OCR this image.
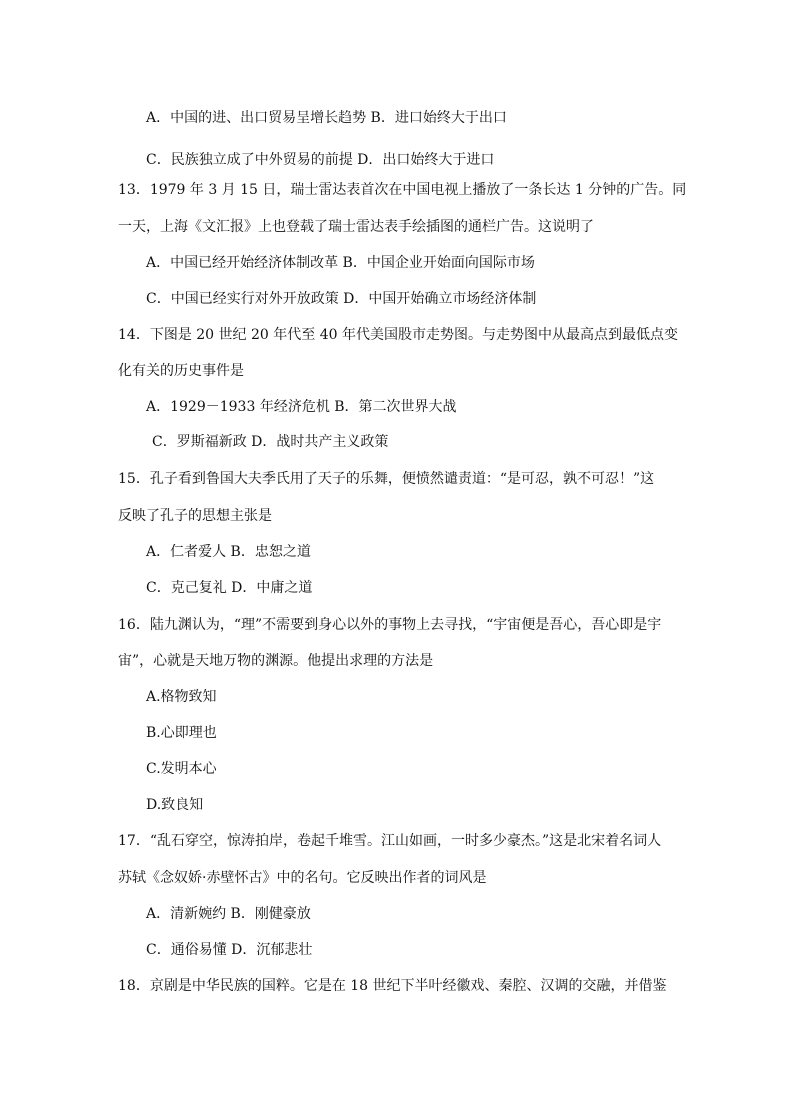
A．中国的进、出口贸易呈增长趋势 B．进口始终大于出口
C．民族独立成了中外贸易的前提 D．出口始终大于进口
13．1979 年 3 月 15 日，瑞士雷达表首次在中国电视上播放了一条长达 1 分钟的广告。同
一天，上海《文汇报》上也登载了瑞士雷达表手绘插图的通栏广告。这说明了
A．中国已经开始经济体制改革 B．中国企业开始面向国际市场
C．中国已经实行对外开放政策 D．中国开始确立市场经济体制
14．下图是 20 世纪 20 年代至 40 年代美国股市走势图。与走势图中从最高点到最低点变
化有关的历史事件是
A．1929－1933 年经济危机 B．第二次世界大战
C．罗斯福新政 D．战时共产主义政策
15．孔子看到鲁国大夫季氏用了天子的乐舞，便愤然谴责道：“是可忍，孰不可忍！”这
反映了孔子的思想主张是
A．仁者爱人 B．忠恕之道
C．克己复礼 D．中庸之道
16．陆九渊认为，“理”不需要到身心以外的事物上去寻找，“宇宙便是吾心，吾心即是宇
宙”，心就是天地万物的渊源。他提出求理的方法是
A.格物致知
B.心即理也
C.发明本心
D.致良知
17．“乱石穿空，惊涛拍岸，卷起千堆雪。江山如画，一时多少豪杰。”这是北宋着名词人
苏轼《念奴娇·赤壁怀古》中的名句。它反映出作者的词风是
A．清新婉约 B．刚健豪放
C．通俗易懂 D．沉郁悲壮
18．京剧是中华民族的国粹。它是在 18 世纪下半叶经徽戏、秦腔、汉调的交融，并借鉴
